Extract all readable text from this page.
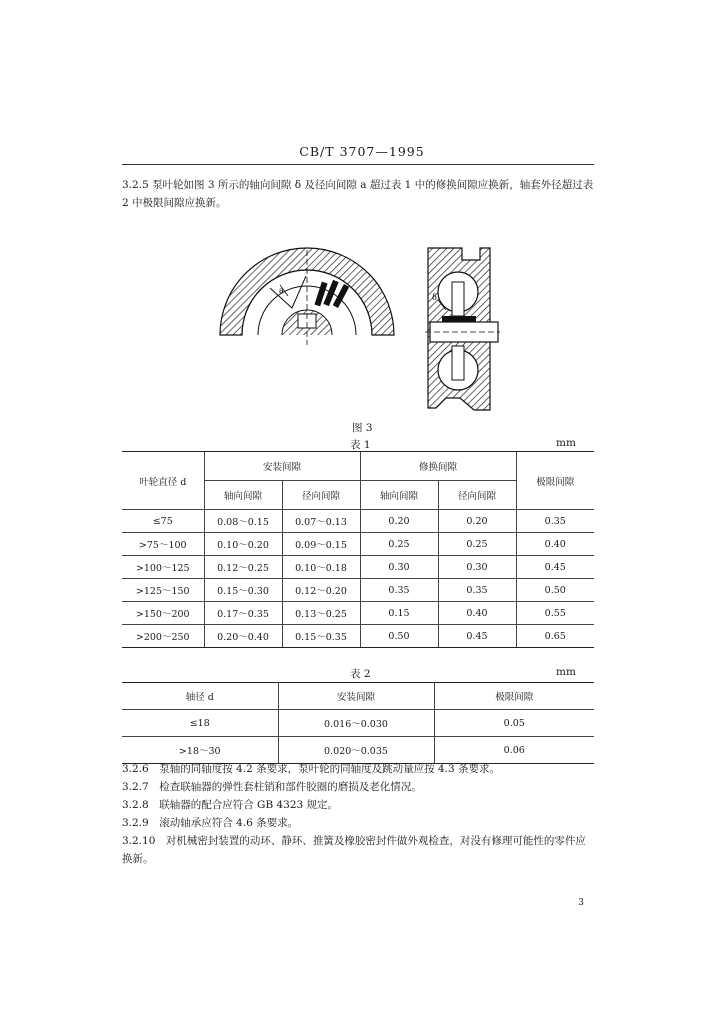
CB/T 3707—1995
3.2.5 泵叶轮如图 3 所示的轴向间隙 δ 及径向间隙 a 超过表 1 中的修换间隙应换新，轴套外径超过表 2 中极限间隙应换新。
a
δ
图 3
表 1	mm
叶轮直径 d	安装间隙		修换间隙		极限间隙
	轴向间隙	径向间隙	轴向间隙	径向间隙	
≤75	0.08～0.15	0.07～0.13	0.20	0.20	0.35
>75～100	0.10～0.20	0.09～0.15	0.25	0.25	0.40
>100～125	0.12～0.25	0.10～0.18	0.30	0.30	0.45
>125～150	0.15～0.30	0.12～0.20	0.35	0.35	0.50
>150～200	0.17～0.35	0.13～0.25	0.15	0.40	0.55
>200～250	0.20～0.40	0.15～0.35	0.50	0.45	0.65
表 2	mm
轴径 d	安装间隙	极限间隙
≤18	0.016～0.030	0.05
>18～30	0.020～0.035	0.06
3.2.6　 泵轴的同轴度按 4.2 条要求，泵叶轮的同轴度及跳动量应按 4.3 条要求。
3.2.7　 检查联轴器的弹性套柱销和部件胶圈的磨损及老化情况。
3.2.8　 联轴器的配合应符合 GB 4323 规定。
3.2.9　 滚动轴承应符合 4.6 条要求。
3.2.10　 对机械密封装置的动环、静环、推簧及橡胶密封件做外观检查，对没有修理可能性的零件应换新。
3
